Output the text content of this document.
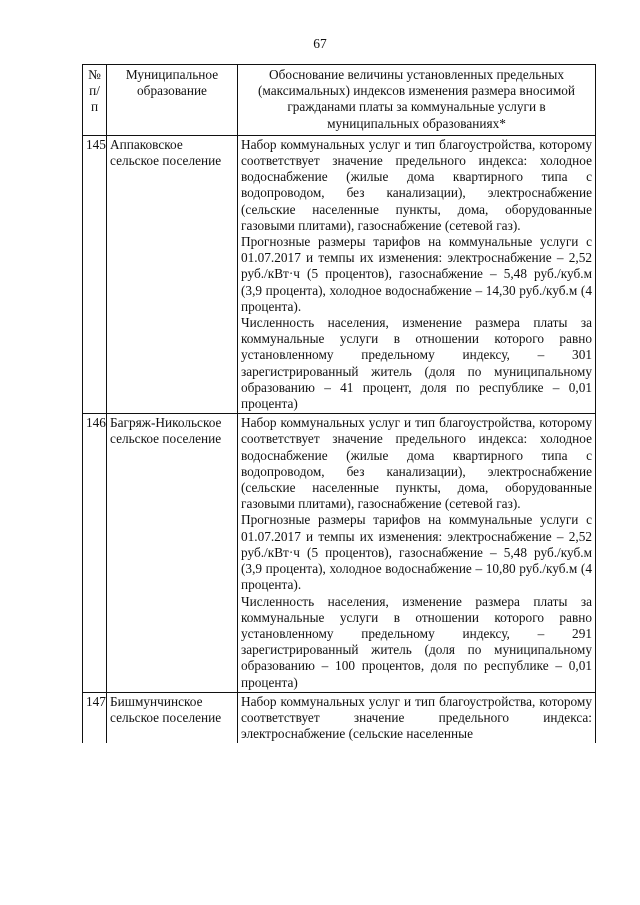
67
№ п/п	Муниципальное образование	Обоснование величины установленных предельных (максимальных) индексов изменения размера вносимой гражданами платы за коммунальные услуги в муниципальных образованиях*
145	Аппаковское сельское поселение	Набор коммунальных услуг и тип благоустройства, которому соответствует значение предельного индекса: холодное водоснабжение (жилые дома квартирного типа с водопроводом, без канализации), электроснабжение (сельские населенные пункты, дома, оборудованные газовыми плитами), газоснабжение (сетевой газ).

Прогнозные размеры тарифов на коммунальные услуги с 01.07.2017 и темпы их изменения: электроснабжение – 2,52 руб./кВт·ч (5 процентов), газоснабжение – 5,48 руб./куб.м (3,9 процента), холодное водоснабжение – 14,30 руб./куб.м (4 процента).

Численность населения, изменение размера платы за коммунальные услуги в отношении которого равно установленному предельному индексу, – 301 зарегистрированный житель (доля по муниципальному образованию – 41 процент, доля по республике – 0,01 процента)

146	Багряж-Никольское сельское поселение	Набор коммунальных услуг и тип благоустройства, которому соответствует значение предельного индекса: холодное водоснабжение (жилые дома квартирного типа с водопроводом, без канализации), электроснабжение (сельские населенные пункты, дома, оборудованные газовыми плитами), газоснабжение (сетевой газ).

Прогнозные размеры тарифов на коммунальные услуги с 01.07.2017 и темпы их изменения: электроснабжение – 2,52 руб./кВт·ч (5 процентов), газоснабжение – 5,48 руб./куб.м (3,9 процента), холодное водоснабжение – 10,80 руб./куб.м (4 процента).

Численность населения, изменение размера платы за коммунальные услуги в отношении которого равно установленному предельному индексу, – 291 зарегистрированный житель (доля по муниципальному образованию – 100 процентов, доля по республике – 0,01 процента)

147	Бишмунчинское сельское поселение	Набор коммунальных услуг и тип благоустройства, которому соответствует значение предельного индекса: электроснабжение (сельские населенные
